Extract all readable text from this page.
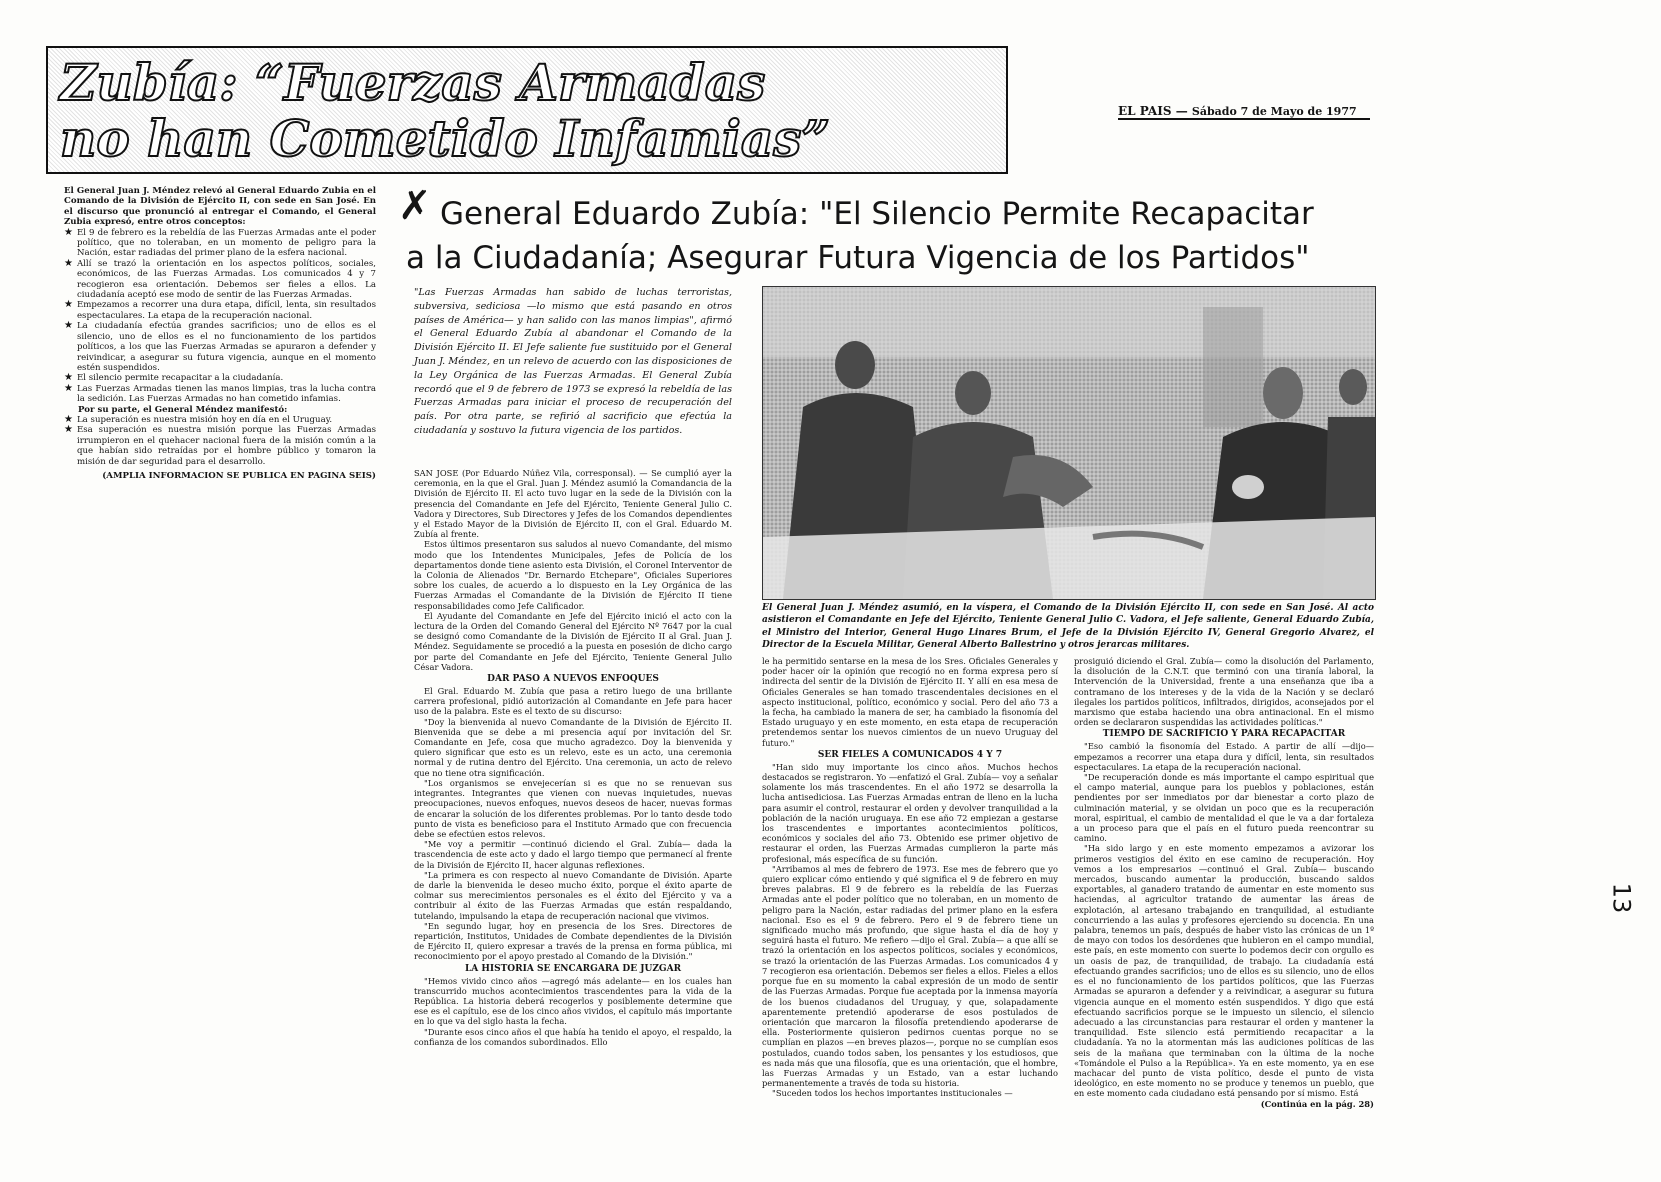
EL PAIS — Sábado 7 de Mayo de 1977
Zubía: “Fuerzas Armadas
no han Cometido Infamias”

El General Juan J. Méndez relevó al General Eduardo Zubia en el Comando de la División de Ejército II, con sede en San José. En el discurso que pronunció al entregar el Comando, el General Zubia expresó, entre otros conceptos:

★ El 9 de febrero es la rebeldía de las Fuerzas Armadas ante el poder político, que no toleraban, en un momento de peligro para la Nación, estar radiadas del primer plano de la esfera nacional.

★ Allí se trazó la orientación en los aspectos políticos, sociales, económicos, de las Fuerzas Armadas. Los comunicados 4 y 7 recogieron esa orientación. Debemos ser fieles a ellos. La ciudadanía aceptó ese modo de sentir de las Fuerzas Armadas.

★ Empezamos a recorrer una dura etapa, difícil, lenta, sin resultados espectaculares. La etapa de la recuperación nacional.

★ La ciudadanía efectúa grandes sacrificios; uno de ellos es el silencio, uno de ellos es el no funcionamiento de los partidos políticos, a los que las Fuerzas Armadas se apuraron a defender y reivindicar, a asegurar su futura vigencia, aunque en el momento estén suspendidos.

★ El silencio permite recapacitar a la ciudadanía.

★ Las Fuerzas Armadas tienen las manos limpias, tras la lucha contra la sedición. Las Fuerzas Armadas no han cometido infamias.

Por su parte, el General Méndez manifestó:

★ La superación es nuestra misión hoy en día en el Uruguay.

★ Esa superación es nuestra misión porque las Fuerzas Armadas irrumpieron en el quehacer nacional fuera de la misión común a la que habían sido retraídas por el hombre público y tomaron la misión de dar seguridad para el desarrollo.

(AMPLIA INFORMACION SE PUBLICA EN PAGINA SEIS)

✗ General Eduardo Zubía: "El Silencio Permite Recapacitar
a la Ciudadanía; Asegurar Futura Vigencia de los Partidos"

"Las Fuerzas Armadas han sabido de luchas terroristas, subversiva, sediciosa —lo mismo que está pasando en otros países de América— y han salido con las manos limpias", afirmó el General Eduardo Zubía al abandonar el Comando de la División Ejército II. El Jefe saliente fue sustituido por el General Juan J. Méndez, en un relevo de acuerdo con las disposiciones de la Ley Orgánica de las Fuerzas Armadas. El General Zubía recordó que el 9 de febrero de 1973 se expresó la rebeldía de las Fuerzas Armadas para iniciar el proceso de recuperación del país. Por otra parte, se refirió al sacrificio que efectúa la ciudadanía y sostuvo la futura vigencia de los partidos.

El General Juan J. Méndez asumió, en la víspera, el Comando de la División Ejército II, con sede en San José. Al acto asistieron el Comandante en Jefe del Ejército, Teniente General Julio C. Vadora, el Jefe saliente, General Eduardo Zubía, el Ministro del Interior, General Hugo Linares Brum, el Jefe de la División Ejército IV, General Gregorio Alvarez, el Director de la Escuela Militar, General Alberto Ballestrino y otros jerarcas militares.

SAN JOSE (Por Eduardo Núñez Vila, corresponsal). — Se cumplió ayer la ceremonia, en la que el Gral. Juan J. Méndez asumió la Comandancia de la División de Ejército II. El acto tuvo lugar en la sede de la División con la presencia del Comandante en Jefe del Ejército, Teniente General Julio C. Vadora y Directores, Sub Directores y Jefes de los Comandos dependientes y el Estado Mayor de la División de Ejército II, con el Gral. Eduardo M. Zubía al frente.

Estos últimos presentaron sus saludos al nuevo Comandante, del mismo modo que los Intendentes Municipales, Jefes de Policía de los departamentos donde tiene asiento esta División, el Coronel Interventor de la Colonia de Alienados "Dr. Bernardo Etchepare", Oficiales Superiores sobre los cuales, de acuerdo a lo dispuesto en la Ley Orgánica de las Fuerzas Armadas el Comandante de la División de Ejército II tiene responsabilidades como Jefe Calificador.

El Ayudante del Comandante en Jefe del Ejército inició el acto con la lectura de la Orden del Comando General del Ejército Nº 7647 por la cual se designó como Comandante de la División de Ejército II al Gral. Juan J. Méndez. Seguidamente se procedió a la puesta en posesión de dicho cargo por parte del Comandante en Jefe del Ejército, Teniente General Julio César Vadora.

DAR PASO A NUEVOS ENFOQUES

El Gral. Eduardo M. Zubía que pasa a retiro luego de una brillante carrera profesional, pidió autorización al Comandante en Jefe para hacer uso de la palabra. Este es el texto de su discurso:

"Doy la bienvenida al nuevo Comandante de la División de Ejército II. Bienvenida que se debe a mi presencia aquí por invitación del Sr. Comandante en Jefe, cosa que mucho agradezco. Doy la bienvenida y quiero significar que esto es un relevo, este es un acto, una ceremonia normal y de rutina dentro del Ejército. Una ceremonia, un acto de relevo que no tiene otra significación.

"Los organismos se envejecerían si es que no se renuevan sus integrantes. Integrantes que vienen con nuevas inquietudes, nuevas preocupaciones, nuevos enfoques, nuevos deseos de hacer, nuevas formas de encarar la solución de los diferentes problemas. Por lo tanto desde todo punto de vista es beneficioso para el Instituto Armado que con frecuencia debe se efectúen estos relevos.

"Me voy a permitir —continuó diciendo el Gral. Zubía— dada la trascendencia de este acto y dado el largo tiempo que permanecí al frente de la División de Ejército II, hacer algunas reflexiones.

"La primera es con respecto al nuevo Comandante de División. Aparte de darle la bienvenida le deseo mucho éxito, porque el éxito aparte de colmar sus merecimientos personales es el éxito del Ejército y va a contribuir al éxito de las Fuerzas Armadas que están respaldando, tutelando, impulsando la etapa de recuperación nacional que vivimos.

"En segundo lugar, hoy en presencia de los Sres. Directores de repartición, Institutos, Unidades de Combate dependientes de la División de Ejército II, quiero expresar a través de la prensa en forma pública, mi reconocimiento por el apoyo prestado al Comando de la División."

LA HISTORIA SE ENCARGARA DE JUZGAR

"Hemos vivido cinco años —agregó más adelante— en los cuales han transcurrido muchos acontecimientos trascendentes para la vida de la República. La historia deberá recogerlos y posiblemente determine que ese es el capítulo, ese de los cinco años vividos, el capítulo más importante en lo que va del siglo hasta la fecha.

"Durante esos cinco años el que había ha tenido el apoyo, el respaldo, la confianza de los comandos subordinados. Ello

le ha permitido sentarse en la mesa de los Sres. Oficiales Generales y poder hacer oír la opinión que recogió no en forma expresa pero sí indirecta del sentir de la División de Ejército II. Y allí en esa mesa de Oficiales Generales se han tomado trascendentales decisiones en el aspecto institucional, político, económico y social. Pero del año 73 a la fecha, ha cambiado la manera de ser, ha cambiado la fisonomía del Estado uruguayo y en este momento, en esta etapa de recuperación pretendemos sentar los nuevos cimientos de un nuevo Uruguay del futuro."

SER FIELES A COMUNICADOS 4 Y 7

"Han sido muy importante los cinco años. Muchos hechos destacados se registraron. Yo —enfatizó el Gral. Zubía— voy a señalar solamente los más trascendentes. En el año 1972 se desarrolla la lucha antisediciosa. Las Fuerzas Armadas entran de lleno en la lucha para asumir el control, restaurar el orden y devolver tranquilidad a la población de la nación uruguaya. En ese año 72 empiezan a gestarse los trascendentes e importantes acontecimientos políticos, económicos y sociales del año 73. Obtenido ese primer objetivo de restaurar el orden, las Fuerzas Armadas cumplieron la parte más profesional, más específica de su función.

"Arribamos al mes de febrero de 1973. Ese mes de febrero que yo quiero explicar cómo entiendo y qué significa el 9 de febrero en muy breves palabras. El 9 de febrero es la rebeldía de las Fuerzas Armadas ante el poder político que no toleraban, en un momento de peligro para la Nación, estar radiadas del primer plano en la esfera nacional. Eso es el 9 de febrero. Pero el 9 de febrero tiene un significado mucho más profundo, que sigue hasta el día de hoy y seguirá hasta el futuro. Me refiero —dijo el Gral. Zubía— a que allí se trazó la orientación en los aspectos políticos, sociales y económicos, se trazó la orientación de las Fuerzas Armadas. Los comunicados 4 y 7 recogieron esa orientación. Debemos ser fieles a ellos. Fieles a ellos porque fue en su momento la cabal expresión de un modo de sentir de las Fuerzas Armadas. Porque fue aceptada por la inmensa mayoría de los buenos ciudadanos del Uruguay, y que, solapadamente aparentemente pretendió apoderarse de esos postulados de orientación que marcaron la filosofía pretendiendo apoderarse de ella. Posteriormente quisieron pedirnos cuentas porque no se cumplían en plazos —en breves plazos—, porque no se cumplían esos postulados, cuando todos saben, los pensantes y los estudiosos, que es nada más que una filosofía, que es una orientación, que el hombre, las Fuerzas Armadas y un Estado, van a estar luchando permanentemente a través de toda su historia.

"Suceden todos los hechos importantes institucionales —

prosiguió diciendo el Gral. Zubía— como la disolución del Parlamento, la disolución de la C.N.T. que terminó con una tiranía laboral, la Intervención de la Universidad, frente a una enseñanza que iba a contramano de los intereses y de la vida de la Nación y se declaró ilegales los partidos políticos, infiltrados, dirigidos, aconsejados por el marxismo que estaba haciendo una obra antinacional. En el mismo orden se declararon suspendidas las actividades políticas."

TIEMPO DE SACRIFICIO Y PARA RECAPACITAR

"Eso cambió la fisonomía del Estado. A partir de allí —dijo— empezamos a recorrer una etapa dura y difícil, lenta, sin resultados espectaculares. La etapa de la recuperación nacional.

"De recuperación donde es más importante el campo espiritual que el campo material, aunque para los pueblos y poblaciones, están pendientes por ser inmediatos por dar bienestar a corto plazo de culminación material, y se olvidan un poco que es la recuperación moral, espiritual, el cambio de mentalidad el que le va a dar fortaleza a un proceso para que el país en el futuro pueda reencontrar su camino.

"Ha sido largo y en este momento empezamos a avizorar los primeros vestigios del éxito en ese camino de recuperación. Hoy vemos a los empresarios —continuó el Gral. Zubía— buscando mercados, buscando aumentar la producción, buscando saldos exportables, al ganadero tratando de aumentar en este momento sus haciendas, al agricultor tratando de aumentar las áreas de explotación, al artesano trabajando en tranquilidad, al estudiante concurriendo a las aulas y profesores ejerciendo su docencia. En una palabra, tenemos un país, después de haber visto las crónicas de un 1º de mayo con todos los desórdenes que hubieron en el campo mundial, este país, en este momento con suerte lo podemos decir con orgullo es un oasis de paz, de tranquilidad, de trabajo. La ciudadanía está efectuando grandes sacrificios; uno de ellos es su silencio, uno de ellos es el no funcionamiento de los partidos políticos, que las Fuerzas Armadas se apuraron a defender y a reivindicar, a asegurar su futura vigencia aunque en el momento estén suspendidos. Y digo que está efectuando sacrificios porque se le impuesto un silencio, el silencio adecuado a las circunstancias para restaurar el orden y mantener la tranquilidad. Este silencio está permitiendo recapacitar a la ciudadanía. Ya no la atormentan más las audiciones políticas de las seis de la mañana que terminaban con la última de la noche «Tomándole el Pulso a la República». Ya en este momento, ya en ese machacar del punto de vista político, desde el punto de vista ideológico, en este momento no se produce y tenemos un pueblo, que en este momento cada ciudadano está pensando por sí mismo. Está

(Continúa en la pág. 28)

13
